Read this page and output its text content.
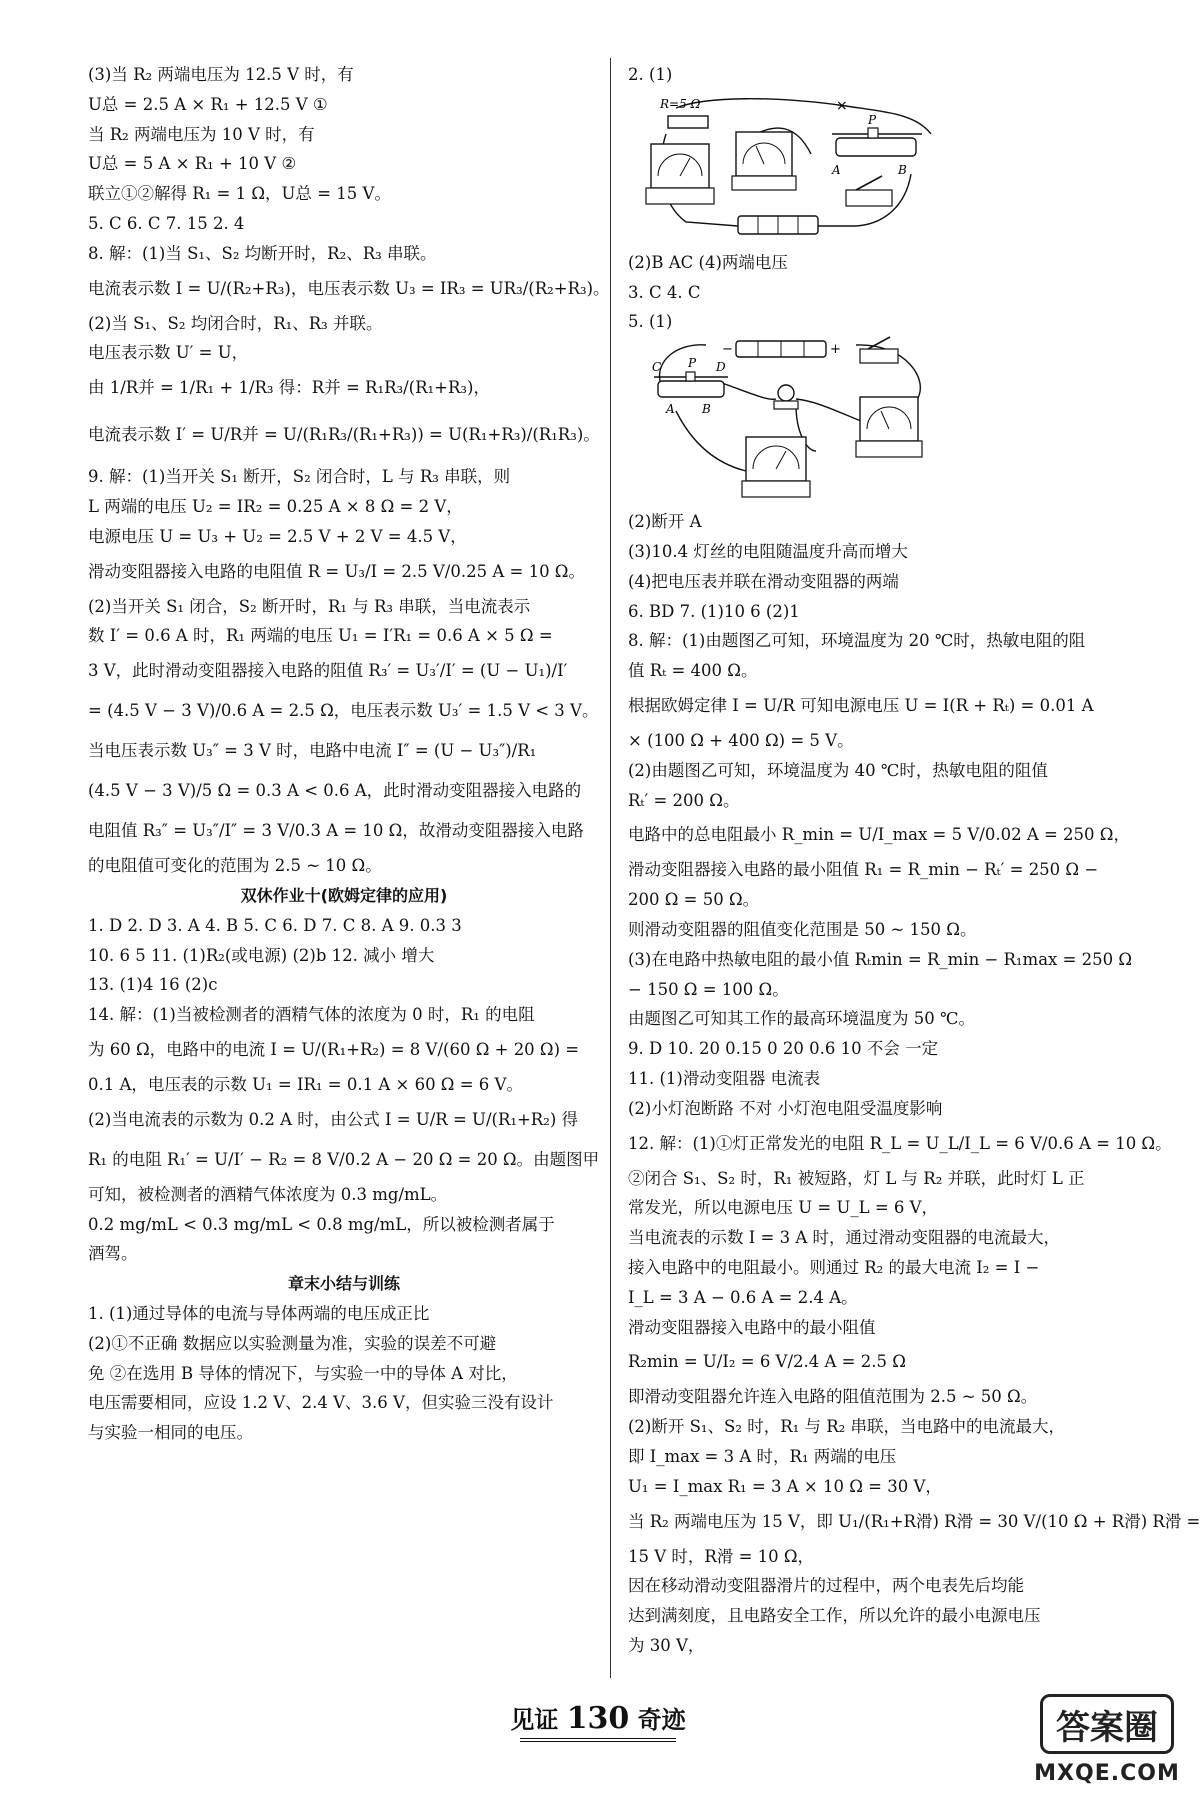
(3)当 R₂ 两端电压为 12.5 V 时，有
U总 = 2.5 A × R₁ + 12.5 V ①
当 R₂ 两端电压为 10 V 时，有
U总 = 5 A × R₁ + 10 V ②
联立①②解得 R₁ = 1 Ω，U总 = 15 V。
5. C 6. C 7. 15 2. 4
8. 解：(1)当 S₁、S₂ 均断开时，R₂、R₃ 串联。
电流表示数 I = U/(R₂+R₃)，电压表示数 U₃ = IR₃ = UR₃/(R₂+R₃)。
(2)当 S₁、S₂ 均闭合时，R₁、R₃ 并联。
电压表示数 U′ = U，
由 1/R并 = 1/R₁ + 1/R₃ 得：R并 = R₁R₃/(R₁+R₃)，
电流表示数 I′ = U/R并 = U/(R₁R₃/(R₁+R₃)) = U(R₁+R₃)/(R₁R₃)。
9. 解：(1)当开关 S₁ 断开，S₂ 闭合时，L 与 R₃ 串联，则
L 两端的电压 U₂ = IR₂ = 0.25 A × 8 Ω = 2 V，
电源电压 U = U₃ + U₂ = 2.5 V + 2 V = 4.5 V，
滑动变阻器接入电路的电阻值 R = U₃/I = 2.5 V/0.25 A = 10 Ω。
(2)当开关 S₁ 闭合，S₂ 断开时，R₁ 与 R₃ 串联，当电流表示
数 I′ = 0.6 A 时，R₁ 两端的电压 U₁ = I′R₁ = 0.6 A × 5 Ω =
3 V，此时滑动变阻器接入电路的阻值 R₃′ = U₃′/I′ = (U − U₁)/I′
= (4.5 V − 3 V)/0.6 A = 2.5 Ω，电压表示数 U₃′ = 1.5 V < 3 V。
当电压表示数 U₃″ = 3 V 时，电路中电流 I″ = (U − U₃″)/R₁
(4.5 V − 3 V)/5 Ω = 0.3 A < 0.6 A，此时滑动变阻器接入电路的
电阻值 R₃″ = U₃″/I″ = 3 V/0.3 A = 10 Ω，故滑动变阻器接入电路
的电阻值可变化的范围为 2.5 ~ 10 Ω。
双休作业十(欧姆定律的应用)
1. D 2. D 3. A 4. B 5. C 6. D 7. C 8. A 9. 0.3 3
10. 6 5 11. (1)R₂(或电源) (2)b 12. 减小 增大
13. (1)4 16 (2)c
14. 解：(1)当被检测者的酒精气体的浓度为 0 时，R₁ 的电阻
为 60 Ω，电路中的电流 I = U/(R₁+R₂) = 8 V/(60 Ω + 20 Ω) =
0.1 A，电压表的示数 U₁ = IR₁ = 0.1 A × 60 Ω = 6 V。
(2)当电流表的示数为 0.2 A 时，由公式 I = U/R = U/(R₁+R₂) 得
R₁ 的电阻 R₁′ = U/I′ − R₂ = 8 V/0.2 A − 20 Ω = 20 Ω。由题图甲
可知，被检测者的酒精气体浓度为 0.3 mg/mL。
0.2 mg/mL < 0.3 mg/mL < 0.8 mg/mL，所以被检测者属于
酒驾。
章末小结与训练
1. (1)通过导体的电流与导体两端的电压成正比
(2)①不正确 数据应以实验测量为准，实验的误差不可避
免 ②在选用 B 导体的情况下，与实验一中的导体 A 对比，
电压需要相同，应设 1.2 V、2.4 V、3.6 V，但实验三没有设计
与实验一相同的电压。
2. (1)
R=5 Ω	×
P
A	B
(2)B AC (4)两端电压
3. C 4. C
5. (1)
−	+
C P D
A B
(2)断开 A
(3)10.4 灯丝的电阻随温度升高而增大
(4)把电压表并联在滑动变阻器的两端
6. BD 7. (1)10 6 (2)1
8. 解：(1)由题图乙可知，环境温度为 20 ℃时，热敏电阻的阻
值 Rₜ = 400 Ω。
根据欧姆定律 I = U/R 可知电源电压 U = I(R + Rₜ) = 0.01 A
× (100 Ω + 400 Ω) = 5 V。
(2)由题图乙可知，环境温度为 40 ℃时，热敏电阻的阻值
Rₜ′ = 200 Ω。
电路中的总电阻最小 R_min = U/I_max = 5 V/0.02 A = 250 Ω，
滑动变阻器接入电路的最小阻值 R₁ = R_min − Rₜ′ = 250 Ω −
200 Ω = 50 Ω。
则滑动变阻器的阻值变化范围是 50 ~ 150 Ω。
(3)在电路中热敏电阻的最小值 Rₜmin = R_min − R₁max = 250 Ω
− 150 Ω = 100 Ω。
由题图乙可知其工作的最高环境温度为 50 ℃。
9. D 10. 20 0.15 0 20 0.6 10 不会 一定
11. (1)滑动变阻器 电流表
(2)小灯泡断路 不对 小灯泡电阻受温度影响
12. 解：(1)①灯正常发光的电阻 R_L = U_L/I_L = 6 V/0.6 A = 10 Ω。
②闭合 S₁、S₂ 时，R₁ 被短路，灯 L 与 R₂ 并联，此时灯 L 正
常发光，所以电源电压 U = U_L = 6 V，
当电流表的示数 I = 3 A 时，通过滑动变阻器的电流最大，
接入电路中的电阻最小。则通过 R₂ 的最大电流 I₂ = I −
I_L = 3 A − 0.6 A = 2.4 A。
滑动变阻器接入电路中的最小阻值
R₂min = U/I₂ = 6 V/2.4 A = 2.5 Ω
即滑动变阻器允许连入电路的阻值范围为 2.5 ~ 50 Ω。
(2)断开 S₁、S₂ 时，R₁ 与 R₂ 串联，当电路中的电流最大，
即 I_max = 3 A 时，R₁ 两端的电压
U₁ = I_max R₁ = 3 A × 10 Ω = 30 V，
当 R₂ 两端电压为 15 V，即 U₁/(R₁+R滑) R滑 = 30 V/(10 Ω + R滑) R滑 =
15 V 时，R滑 = 10 Ω，
因在移动滑动变阻器滑片的过程中，两个电表先后均能
达到满刻度，且电路安全工作，所以允许的最小电源电压
为 30 V，
见证 130 奇迹	答案圈
MXQE.COM
